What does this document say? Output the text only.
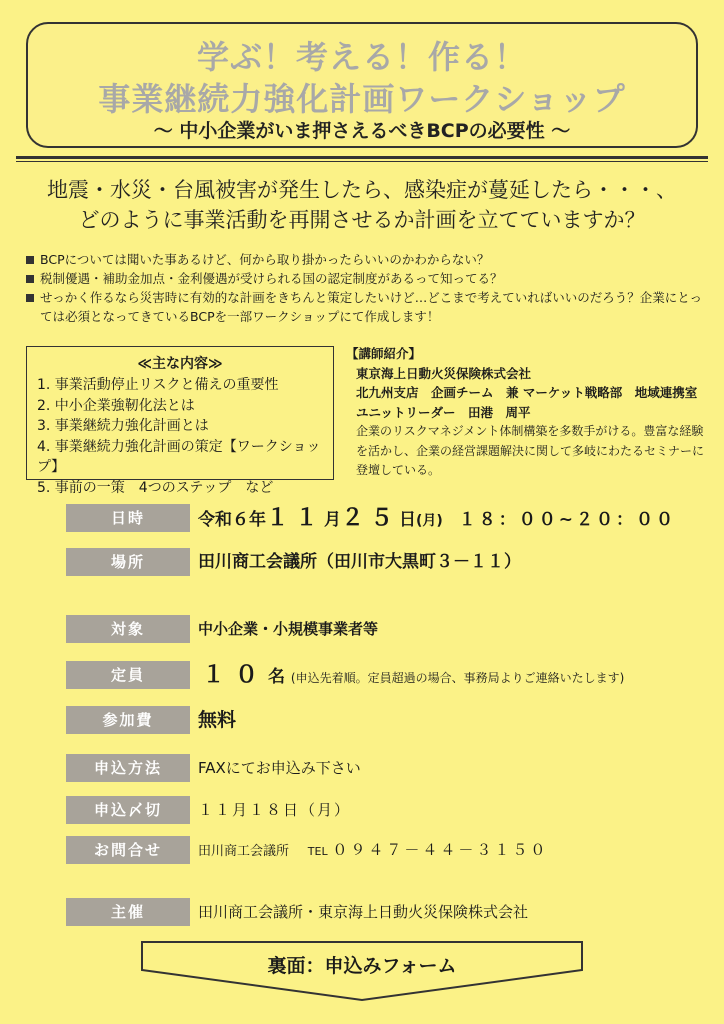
学ぶ！考える！作る！
事業継続力強化計画ワークショップ
～ 中小企業がいま押さえるべきBCPの必要性 ～
地震・水災・台風被害が発生したら、感染症が蔓延したら・・・、
どのように事業活動を再開させるか計画を立てていますか？
BCPについては聞いた事あるけど、何から取り掛かったらいいのかわからない？
税制優遇・補助金加点・金利優遇が受けられる国の認定制度があるって知ってる？
せっかく作るなら災害時に有効的な計画をきちんと策定したいけど…どこまで考えていればいいのだろう？企業にとっては必須となってきているBCPを一部ワークショップにて作成します！
≪主な内容≫
1. 事業活動停止リスクと備えの重要性
2. 中小企業強靭化法とは
3. 事業継続力強化計画とは
4. 事業継続力強化計画の策定【ワークショップ】
5. 事前の一策　4つのステップ　など
【講師紹介】
東京海上日動火災保険株式会社
北九州支店　企画チーム　兼 マーケット戦略部　地域連携室
ユニットリーダー　田港　周平
企業のリスクマネジメント体制構築を多数手がける。豊富な経験を活かし、企業の経営課題解決に関して多岐にわたるセミナーに登壇している。
日時	令和６年１１月２５日(月) １８：００~２０：００
場所	田川商工会議所（田川市大黒町３－１１）
対象	中小企業・小規模事業者等
定員	１０名 (申込先着順。定員超過の場合、事務局よりご連絡いたします)
参加費	無料
申込方法	FAXにてお申込み下さい
申込〆切	１１月１８日（月）
お問合せ	田川商工会議所 TEL ０９４７－４４－３１５０
主催	田川商工会議所・東京海上日動火災保険株式会社
裏面：申込みフォーム
